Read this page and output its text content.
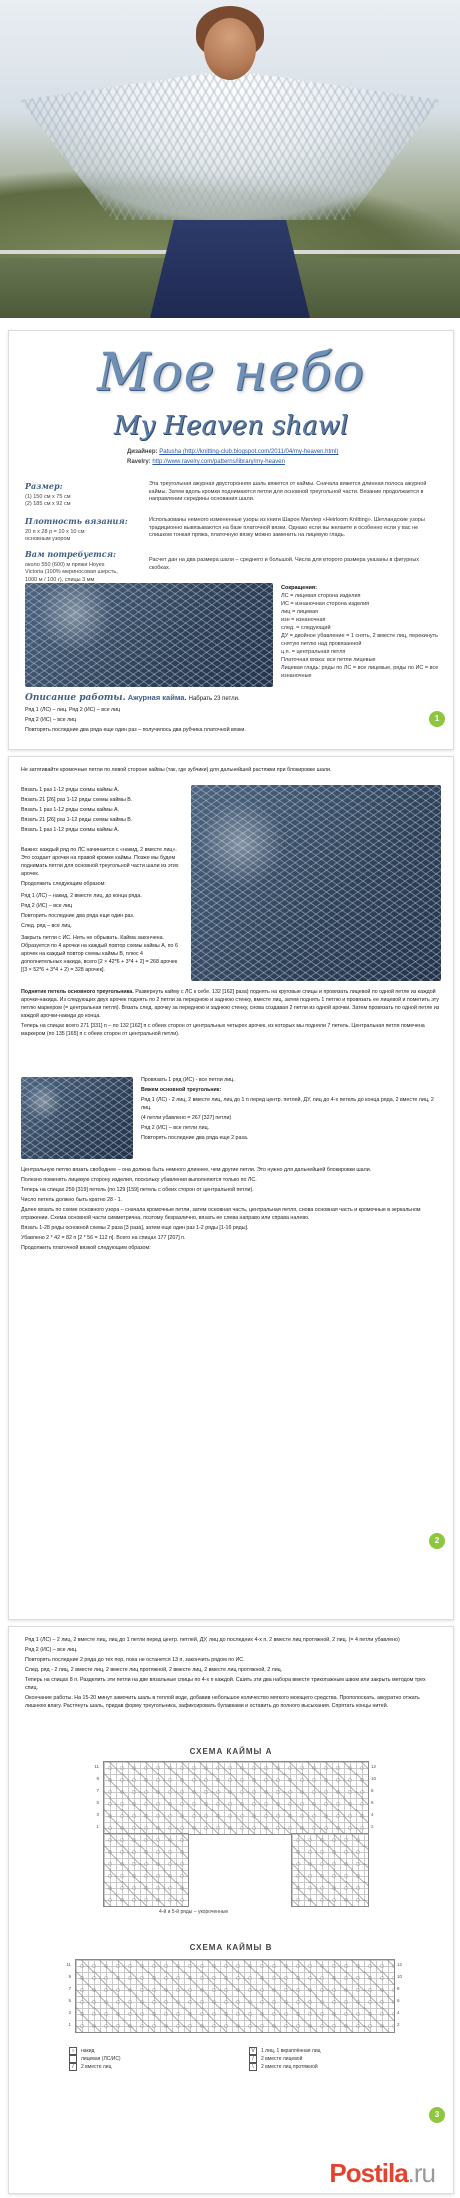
Мое небо
My Heaven shawl
Дизайнер: Patusha (http://knitting-club.blogspot.com/2011/04/my-heaven.html)
Ravelry: http://www.ravelry.com/patterns/library/my-heaven
Размер:
(1) 150 см х 75 см
(2) 185 см х 92 см
Плотность вязания:
20 п х 28 р = 10 х 10 см
основным узором
Вам потребуется:
около 550 (600) м пряжи Hoyes
Victoria (100% мериносовая шерсть,
1000 м / 100 г), спицы 3 мм
Эта треугольная ажурная двусторонняя шаль вяжется от каймы. Сначала вяжется длинная полоса ажурной каймы. Затем вдоль кромки поднимаются петли для основной треугольной части. Вязание продолжается в направлении середины основания шали.
Использованы немного измененные узоры из книги Шарон Миллер «Heirloom Knitting». Шетландские узоры традиционно вывязываются на базе платочной вязки. Однако если вы желаете и особенно если у вас не слишком тонкая пряжа, платочную вязку можно заменить на лицевую гладь.
Расчет дан на два размера шали – среднего и большой. Числа для второго размера указаны в фигурных скобках.
Сокращения:
ЛС = лицевая сторона изделия
ИС = изнаночная сторона изделия
лиц = лицевая
изн = изнаночная
след. = следующий
ДУ = двойное убавление = 1 снять, 2 вместе лиц, перекинуть снятую петлю над провязанной
ц.п. = центральная петля
Платочная вязка: все петли лицевые
Лицевая гладь: ряды по ЛС = все лицевые, ряды по ИС = все изнаночные
Описание работы. Ажурная кайма. Набрать 23 петли.

Ряд 1 (ЛС) – лиц. Ряд 2 (ИС) – все лиц

Ряд 2 (ИС) – все лиц

Повторять последние два ряда еще один раз – получилось два рубчика платочной вязки.

1
Не затягивайте кромочные петли по левой стороне каймы (так, где зубчики) для дальнейшей растяжки при блокировке шали.

Вязать 1 раз 1-12 ряды схемы каймы А.

Вязать 21 [26] раз 1-12 ряды схемы каймы В.

Вязать 1 раз 1-12 ряды схемы каймы А.

Вязать 21 [26] раз 1-12 ряды схемы каймы В.

Вязать 1 раз 1-12 ряды схемы каймы А.

Важно: каждый ряд по ЛС начинается с «накид, 2 вместе лиц». Это создает арочки на правой кромке каймы. Позже мы будем поднимать петли для основной треугольной части шали из этих арочек.
Продолжить следующим образом:

Ряд 1 (ЛС) – накид, 2 вместе лиц, до конца ряда.

Ряд 2 (ИС) – все лиц

Повторить последние два ряда еще один раз.

След. ряд – все лиц.

Закрыть петли с ИС. Нить не обрывать. Кайма закончена. Образуется по 4 арочки на каждый повтор схемы каймы А, по 6 арочек на каждый повтор схемы каймы В, плюс 4 дополнительных накида, всего [2 × 42*6 + 3*4 + 2] = 268 арочек [(3 × 52*6 + 3*4 + 2) = 328 арочек].

Поднятие петель основного треугольника. Развернуть кайму с ЛС к себе. 132 [162] раза) поднять на круговые спицы и провязать лицевой по одной петле из каждой арочки-накида. Из следующих двух арочек поднять по 2 петли за переднюю и заднюю стенку, вместе лиц, затем поднять 1 петлю и провязать ее лицевой и пометить эту петлю маркером (= центральная петля). Вязать след. арочку за переднюю и заднюю стенку, снова создавая 2 петли из одной арочки. Затем провязать по одной петле из каждой арочки-накида до конца.

Теперь на спицах всего 271 [331] п – по 132 [162] п с обеих сторон от центральных четырех арочек, из которых мы подняли 7 петель. Центральная петля помечена маркером (по 135 [165] п с обеих сторон от центральной петли).

Провязать 1 ряд (ИС) - все петли лиц.

Вяжем основной треугольник:

Ряд 1 (ЛС) - 2 лиц, 2 вместе лиц, лиц до 1 п перед центр. петлей, ДУ, лиц до 4-х петель до конца ряда, 2 вместе лиц, 2 лиц.

(4 петли убавлено = 267 [327] петли)

Ряд 2 (ИС) – все петли лиц.

Повторять последние два ряда еще 2 раза.

Центральную петлю вязать свободнее – она должна быть немного длиннее, чем другие петли. Это нужно для дальнейшей блокировки шали.

Полезно поменять лицевую сторону изделия, поскольку убавления выполняются только по ЛС.

Теперь на спицах 259 [319] петель (по 129 [159] петель с обеих сторон от центральной петли).

Число петель должно быть кратно 28 - 1.

Далее вязать по схеме основного узора – сначала кромочные петли, затем основная часть, центральная петля, снова основная часть и кромочные в зеркальном отражении. Схема основной части симметрична, поэтому безразлично, вязать ее слева направо или справа налево.

Вязать 1-28 ряды основной схемы 2 раза [3 раза], затем еще один раз 1-2 ряды [1-16 ряды].

Убавлено 2 * 42 = 82 п [2 * 56 = 112 п]. Всего на спицах 177 [207] п.

Продолжить платочной вязкой следующим образом:

2

Ряд 1 (ЛС) – 2 лиц, 2 вместе лиц, лиц до 1 петли перед центр. петлей, ДУ, лиц до последних 4-х п, 2 вместе лиц протяжной, 2 лиц. (= 4 петли убавлено)

Ряд 2 (ИС) – все лиц.

Повторять последние 2 ряда до тех пор, пока не останется 13 п, закончить рядом по ИС.

След. ряд - 2 лиц, 2 вместе лиц, 2 вместе лиц протяжной, 2 вместе лиц, 2 вместе лиц протяжной, 2 лиц.

Теперь на спицах 8 п. Разделить эти петли на две вязальные спицы по 4-х п каждой. Сшить эти два набора вместе трикотажным швом или закрыть методом трех спиц.

Окончание работы. На 15-20 минут замочить шаль в теплой воде, добавив небольшое количество мягкого моющего средства. Прополоскать, аккуратно отжать лишнюю влагу. Растянуть шаль, придав форму треугольника, зафиксировать булавками и оставить до полного высыхания. Спрятать концы нитей.

СХЕМА КАЙМЫ А
11
9
7
5
3
1
12
10
8
6
4
2
4-й и 5-й ряды – укороченные
СХЕМА КАЙМЫ В
11
9
7
5
3
1
12
10
8
6
4
2
○	накид
лицевая (ЛС/ИС)
/	2 вместе лиц
V	1 лиц, 1 вкраплённая лиц
/	2 вместе лицевой
\	2 вместе лиц протяжной
3
Postila.ru
